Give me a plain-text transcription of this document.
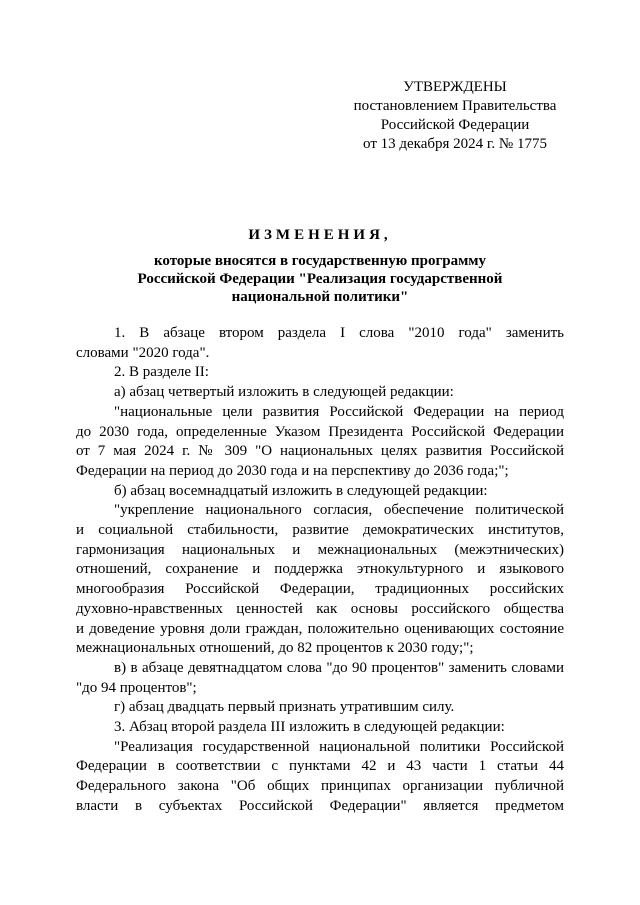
УТВЕРЖДЕНЫ
постановлением Правительства
Российской Федерации
от 13 декабря 2024 г. № 1775
ИЗМЕНЕНИЯ,
которые вносятся в государственную программу
Российской Федерации "Реализация государственной
национальной политики"
1. В абзаце втором раздела I слова "2010 года" заменить
словами "2020 года".
2. В разделе II:
а) абзац четвертый изложить в следующей редакции:
"национальные цели развития Российской Федерации на период
до 2030 года, определенные Указом Президента Российской Федерации
от 7 мая 2024 г. № 309 "О национальных целях развития Российской
Федерации на период до 2030 года и на перспективу до 2036 года;";
б) абзац восемнадцатый изложить в следующей редакции:
"укрепление национального согласия, обеспечение политической
и социальной стабильности, развитие демократических институтов,
гармонизация национальных и межнациональных (межэтнических)
отношений, сохранение и поддержка этнокультурного и языкового
многообразия Российской Федерации, традиционных российских
духовно-нравственных ценностей как основы российского общества
и доведение уровня доли граждан, положительно оценивающих состояние
межнациональных отношений, до 82 процентов к 2030 году;";
в) в абзаце девятнадцатом слова "до 90 процентов" заменить словами
"до 94 процентов";
г) абзац двадцать первый признать утратившим силу.
3. Абзац второй раздела III изложить в следующей редакции:
"Реализация государственной национальной политики Российской
Федерации в соответствии с пунктами 42 и 43 части 1 статьи 44
Федерального закона "Об общих принципах организации публичной
власти в субъектах Российской Федерации" является предметом
